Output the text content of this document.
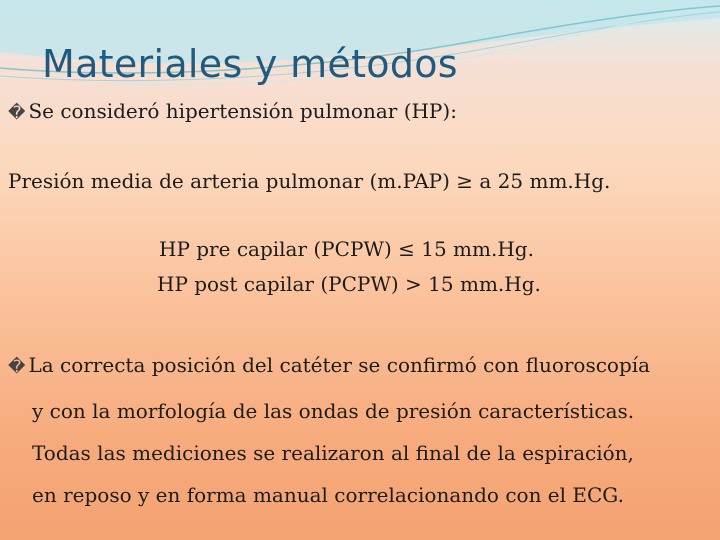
Materiales y métodos
� Se consideró hipertensión pulmonar (HP):
Presión media de arteria pulmonar (m.PAP) ≥ a 25 mm.Hg.
HP pre capilar (PCPW) ≤ 15 mm.Hg.
HP post capilar (PCPW) > 15 mm.Hg.
� La correcta posición del catéter se confirmó con fluoroscopía
y con la morfología de las ondas de presión características.
Todas las mediciones se realizaron al final de la espiración,
en reposo y en forma manual correlacionando con el ECG.
